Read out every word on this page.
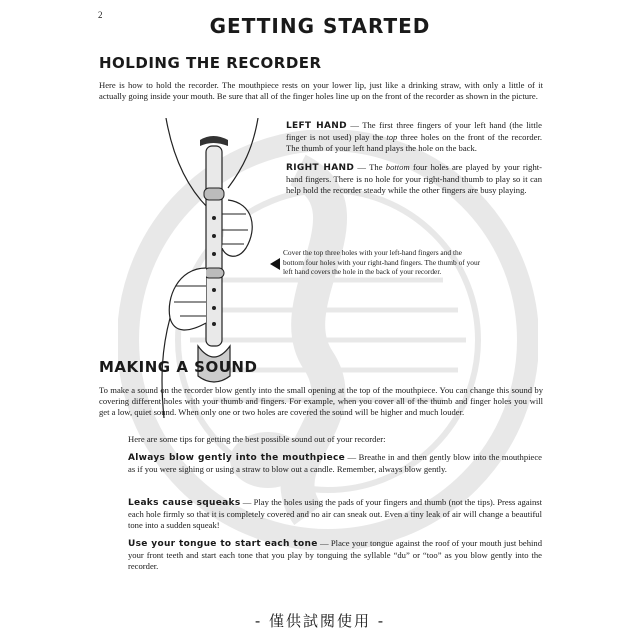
2	GETTING STARTED
HOLDING THE RECORDER

Here is how to hold the recorder. The mouthpiece rests on your lower lip, just like a drinking straw, with only a little of it actually going inside your mouth. Be sure that all of the finger holes line up on the front of the recorder as shown in the picture.

LEFT HAND — The first three fingers of your left hand (the little finger is not used) play the top three holes on the front of the recorder. The thumb of your left hand plays the hole on the back.

RIGHT HAND — The bottom four holes are played by your right-hand fingers. There is no hole for your right-hand thumb to play so it can help hold the recorder steady while the other fingers are busy playing.

Cover the top three holes with your left-hand fingers and the bottom four holes with your right-hand fingers. The thumb of your left hand covers the hole in the back of your recorder.

MAKING A SOUND

To make a sound on the recorder blow gently into the small opening at the top of the mouthpiece. You can change this sound by covering different holes with your thumb and fingers. For example, when you cover all of the thumb and finger holes you will get a low, quiet sound. When only one or two holes are covered the sound will be higher and much louder.

Here are some tips for getting the best possible sound out of your recorder:

Always blow gently into the mouthpiece — Breathe in and then gently blow into the mouthpiece as if you were sighing or using a straw to blow out a candle. Remember, always blow gently.

Leaks cause squeaks — Play the holes using the pads of your fingers and thumb (not the tips). Press against each hole firmly so that it is completely covered and no air can sneak out. Even a tiny leak of air will change a beautiful tone into a sudden squeak!

Use your tongue to start each tone — Place your tongue against the roof of your mouth just behind your front teeth and start each tone that you play by tonguing the syllable “du” or “too” as you blow gently into the recorder.

- 僅供試閱使用 -
